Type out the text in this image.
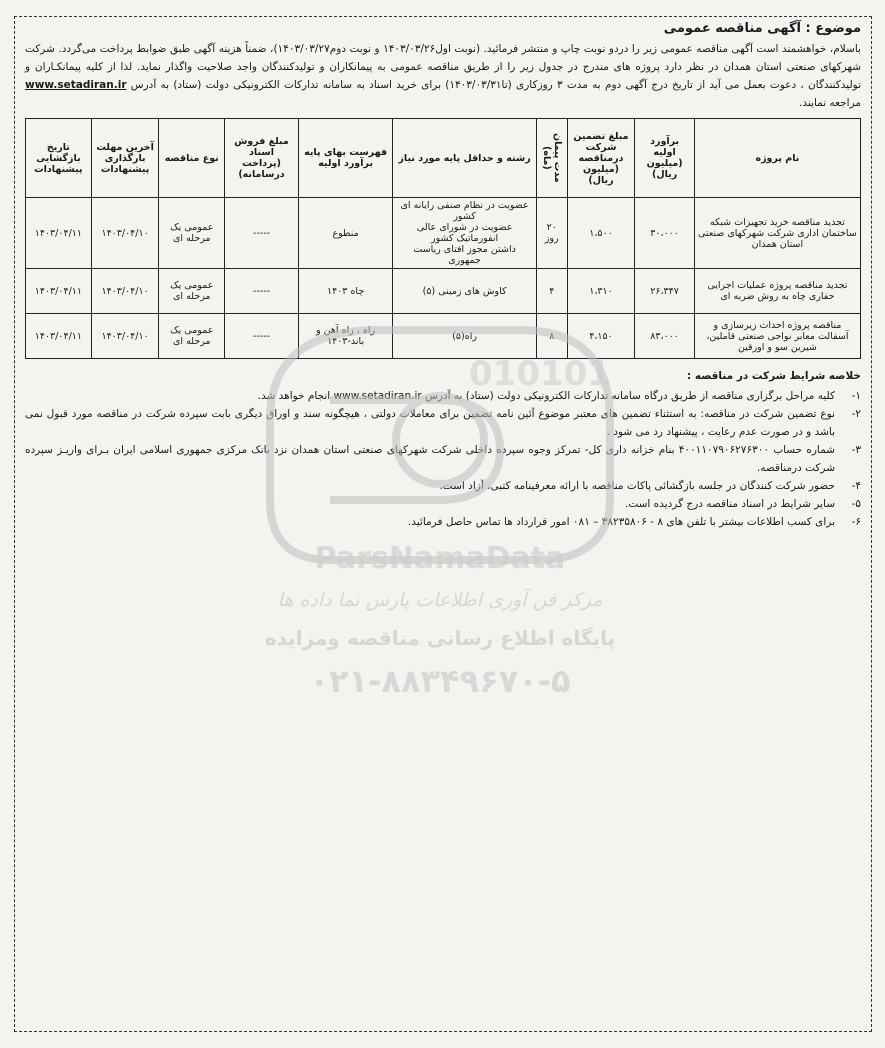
موضوع : آگهی مناقصه عمومی

باسلام، خواهشمند است آگهی مناقصه عمومی زیر را دردو نوبت چاپ و منتشر فرمائید. (نوبت اول۱۴۰۳/۰۳/۲۶ و نوبت دوم۱۴۰۳/۰۳/۲۷)، ضمناً هزینه آگهی طبق ضوابط پرداخت می‌گردد. شرکت شهرکهای صنعتی استان همدان در نظر دارد پروژه های مندرج در جدول زیر را از طریق مناقصه عمومی به پیمانکاران و تولیدکنندگان واجد صلاحیت واگذار نماید. لذا از کلیه پیمانکـاران و تولیدکنندگان ، دعوت بعمل می آید از تاریخ درج آگهی دوم به مدت ۳ روزکاری (تا۱۴۰۳/۰۳/۳۱) برای خرید اسناد به سامانه تدارکات الکترونیکی دولت (ستاد) به آدرس www.setadiran.ir مراجعه نمایند.

نام پروژه	برآورد اولیه (میلیون ریال)	مبلغ تضمین شرکت درمناقصه (میلیون ریال)	مدت پیمان (ماه)	رشته و حداقل پایه مورد نیاز	فهرست بهای پایه برآورد اولیه	مبلغ فروش اسناد (پرداخت درسامانه)	نوع مناقصه	آخرین مهلت بارگذاری پیشنهادات	تاریخ بازگشایی پیشنهادات
تجدید مناقصه خرید تجهیزات شبکه ساختمان اداری شرکت شهرکهای صنعتی استان همدان	۳۰،۰۰۰	۱،۵۰۰	۲۰ روز	عضویت در نظام صنفی رایانه ای کشور
عضویت در شورای عالی انفورماتیک کشور
داشتن مجوز افتای ریاست جمهوری	منطوع	-----	عمومی یک مرحله ای	۱۴۰۳/۰۴/۱۰	۱۴۰۳/۰۴/۱۱
تجدید مناقصه پروژه عملیات اجرایی حفاری چاه به روش ضربه ای	۲۶،۳۴۷	۱،۳۱۰	۴	کاوش های زمینی (۵)	چاه ۱۴۰۳	-----	عمومی یک مرحله ای	۱۴۰۳/۰۴/۱۰	۱۴۰۳/۰۴/۱۱
مناقصه پروژه احداث زیرسازی و آسفالت معابر نواحی صنعتی قاملین، شیرین سو و اورقین	۸۳،۰۰۰	۴،۱۵۰	۸	راه(۵)	راه ، راه آهن و باند-۱۴۰۳	-----	عمومی یک مرحله ای	۱۴۰۳/۰۴/۱۰	۱۴۰۳/۰۴/۱۱
خلاصه شرایط شرکت در مناقصه :
۱-
کلیه مراحل برگزاری مناقصه از طریق درگاه سامانه تدارکات الکترونیکی دولت (ستاد) به آدرس www.setadiran.ir انجام خواهد شد.
۲-
نوع تضمین شرکت در مناقصه: به استثناء تضمین های معتبر موضوع آئین نامه تضمین برای معاملات دولتی ، هیچگونه سند و اوراق دیگری بابت سپرده شرکت در مناقصه مورد قبول نمی باشد و در صورت عدم رعایت ، پیشنهاد رد می شود .
۳-
شماره حساب ۴۰۰۱۱۰۷۹۰۶۲۷۶۳۰۰ بنام خزانه داری کل- تمرکز وجوه سپرده داخلی شرکت شهرکهای صنعتی استان همدان نزد بانک مرکزی جمهوری اسلامی ایران بـرای واریـز سپرده شرکت درمناقصه.
۴-
حضور شرکت کنندگان در جلسه بازگشائی پاکات مناقصه با ارائه معرفینامه کتبی، آزاد است.
۵-
سایر شرایط در اسناد مناقصه درج گردیده است.
۶-
برای کسب اطلاعات بیشتر با تلفن های ۸ - ۳۸۲۳۵۸۰۶ – ۰۸۱ امور قرارداد ها تماس حاصل فرمائید.
010101
ParsNamaData
مرکز فن آوری اطلاعات پارس نما داده ها
پایگاه اطلاع رسانی مناقصه ومزایده
۰۲۱-۸۸۳۴۹۶۷۰-۵
